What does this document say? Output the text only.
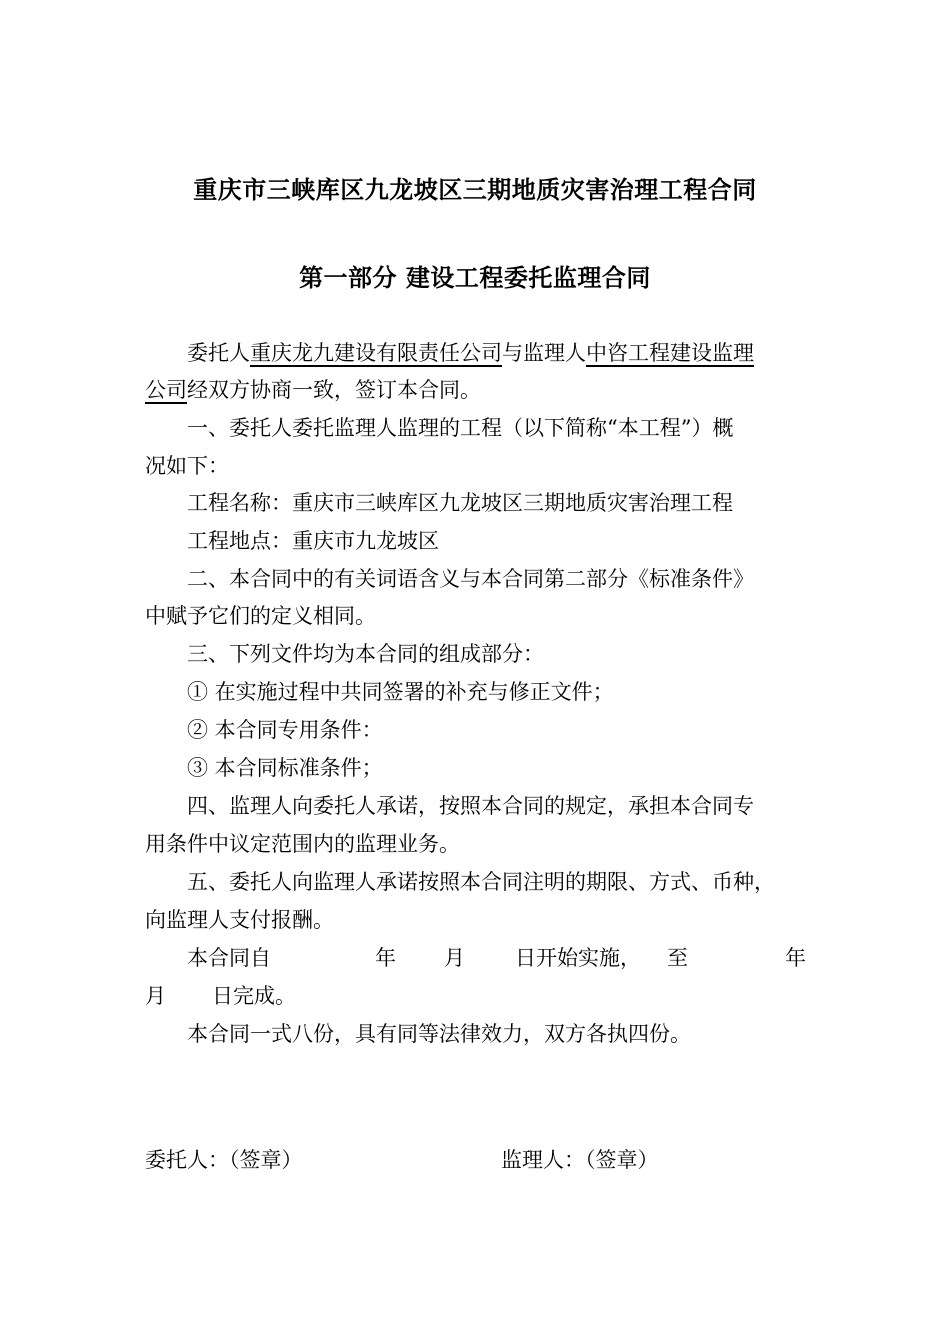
重庆市三峡库区九龙坡区三期地质灾害治理工程合同
第一部分 建设工程委托监理合同
委托人重庆龙九建设有限责任公司与监理人中咨工程建设监理
公司经双方协商一致，签订本合同。
一、委托人委托监理人监理的工程（以下简称“本工程”）概
况如下：
工程名称：重庆市三峡库区九龙坡区三期地质灾害治理工程
工程地点：重庆市九龙坡区
二、本合同中的有关词语含义与本合同第二部分《标准条件》
中赋予它们的定义相同。
三、下列文件均为本合同的组成部分：
① 在实施过程中共同签署的补充与修正文件；
② 本合同专用条件：
③ 本合同标准条件；
四、监理人向委托人承诺，按照本合同的规定，承担本合同专
用条件中议定范围内的监理业务。
五、委托人向监理人承诺按照本合同注明的期限、方式、币种，
向监理人支付报酬。
本合同自	年 月 日开始实施， 至	年
月 日完成。
本合同一式八份，具有同等法律效力，双方各执四份。
委托人：（签章）	监理人：（签章）
